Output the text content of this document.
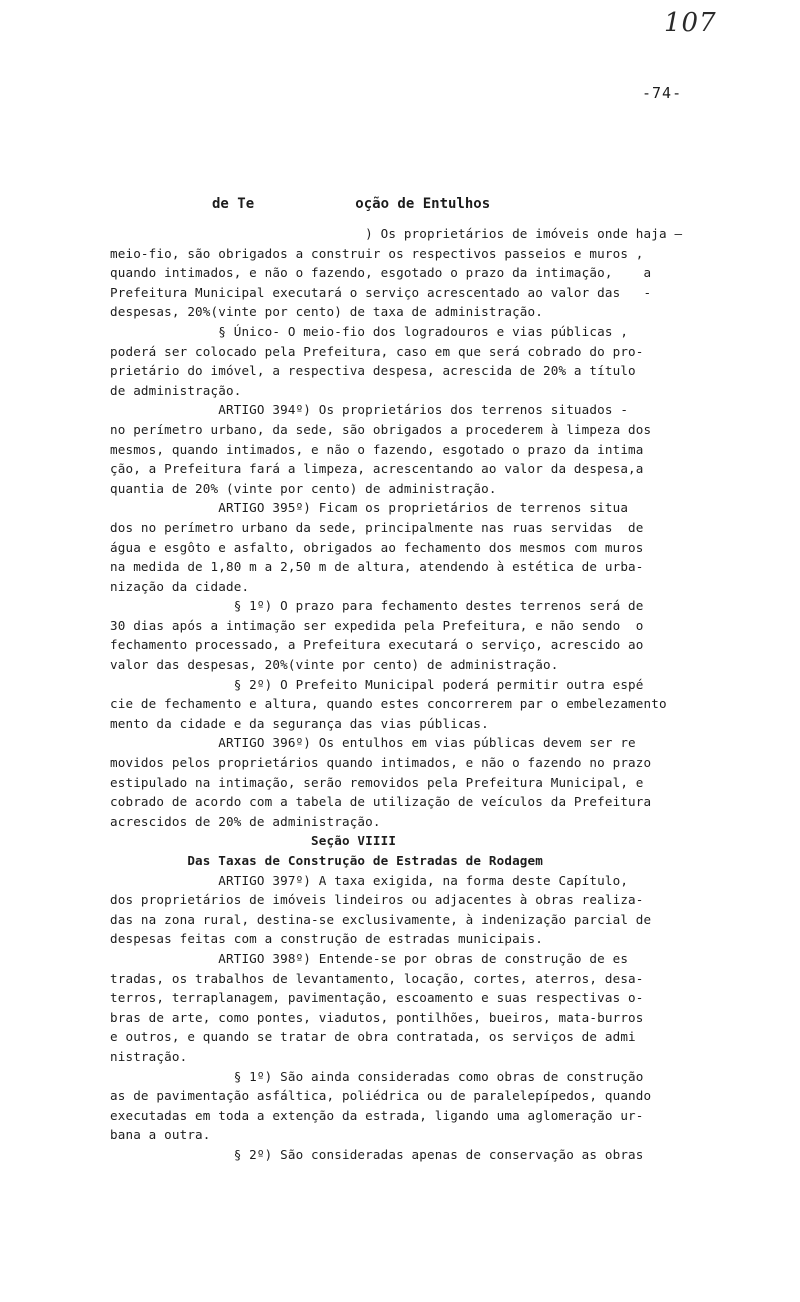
107
-74-
de Te            oção de Entulhos
) Os proprietários de imóveis onde haja —
meio-fio, são obrigados a construir os respectivos passeios e muros ,
quando intimados, e não o fazendo, esgotado o prazo da intimação,    a
Prefeitura Municipal executará o serviço acrescentado ao valor das   -
despesas, 20%(vinte por cento) de taxa de administração.
§ Único- O meio-fio dos logradouros e vias públicas ,
poderá ser colocado pela Prefeitura, caso em que será cobrado do pro-
prietário do imóvel, a respectiva despesa, acrescida de 20% a título
de administração.
ARTIGO 394º) Os proprietários dos terrenos situados -
no perímetro urbano, da sede, são obrigados a procederem à limpeza dos
mesmos, quando intimados, e não o fazendo, esgotado o prazo da intima
ção, a Prefeitura fará a limpeza, acrescentando ao valor da despesa,a
quantia de 20% (vinte por cento) de administração.
ARTIGO 395º) Ficam os proprietários de terrenos situa
dos no perímetro urbano da sede, principalmente nas ruas servidas  de
água e esgôto e asfalto, obrigados ao fechamento dos mesmos com muros
na medida de 1,80 m a 2,50 m de altura, atendendo à estética de urba-
nização da cidade.
§ 1º) O prazo para fechamento destes terrenos será de
30 dias após a intimação ser expedida pela Prefeitura, e não sendo  o
fechamento processado, a Prefeitura executará o serviço, acrescido ao
valor das despesas, 20%(vinte por cento) de administração.
§ 2º) O Prefeito Municipal poderá permitir outra espé
cie de fechamento e altura, quando estes concorrerem par o embelezamento
mento da cidade e da segurança das vias públicas.
ARTIGO 396º) Os entulhos em vias públicas devem ser re
movidos pelos proprietários quando intimados, e não o fazendo no prazo
estipulado na intimação, serão removidos pela Prefeitura Municipal, e
cobrado de acordo com a tabela de utilização de veículos da Prefeitura
acrescidos de 20% de administração.
Seção VIIII
Das Taxas de Construção de Estradas de Rodagem
ARTIGO 397º) A taxa exigida, na forma deste Capítulo,
dos proprietários de imóveis lindeiros ou adjacentes à obras realiza-
das na zona rural, destina-se exclusivamente, à indenização parcial de
despesas feitas com a construção de estradas municipais.
ARTIGO 398º) Entende-se por obras de construção de es
tradas, os trabalhos de levantamento, locação, cortes, aterros, desa-
terros, terraplanagem, pavimentação, escoamento e suas respectivas o-
bras de arte, como pontes, viadutos, pontilhões, bueiros, mata-burros
e outros, e quando se tratar de obra contratada, os serviços de admi
nistração.
§ 1º) São ainda consideradas como obras de construção
as de pavimentação asfáltica, poliédrica ou de paralelepípedos, quando
executadas em toda a extenção da estrada, ligando uma aglomeração ur-
bana a outra.
§ 2º) São consideradas apenas de conservação as obras
